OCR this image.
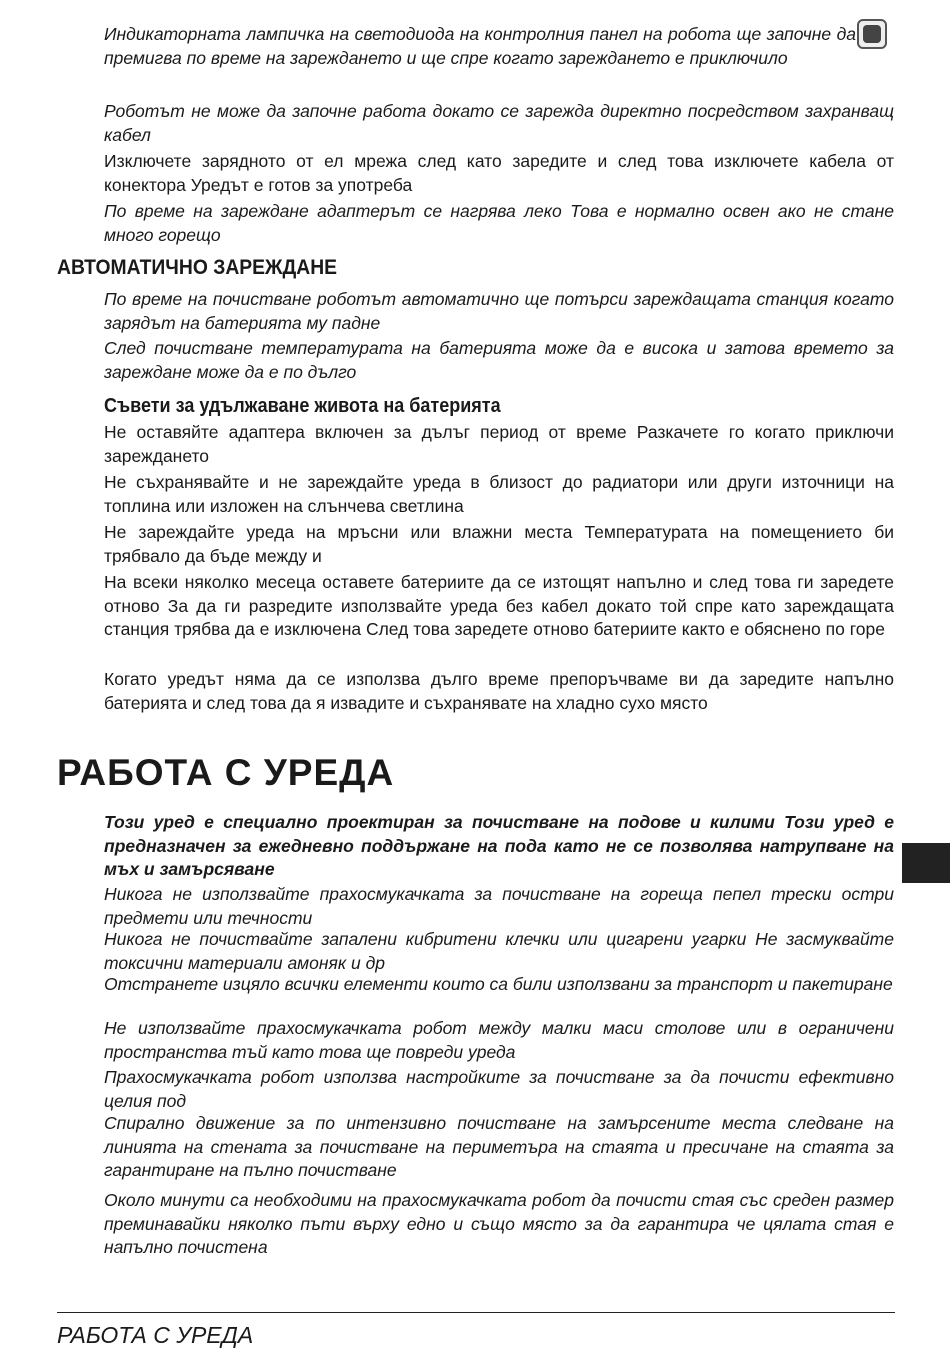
Индикаторната лампичка на светодиода на контролния панел на робота ще започне да премигва по време на зареждането и ще спре когато зареждането е приключило

Роботът не може да започне работа докато се зарежда директно посредством захранващ кабел

Изключете зарядното от ел мрежа след като заредите и след това изключете кабела от конектора Уредът е готов за употреба

По време на зареждане адаптерът се нагрява леко Това е нормално освен ако не стане много горещо

АВТОМАТИЧНО ЗАРЕЖДАНЕ

По време на почистване роботът автоматично ще потърси зареждащата станция когато зарядът на батерията му падне

След почистване температурата на батерията може да е висока и затова времето за зареждане може да е по дълго

Съвети за удължаване живота на батерията

Не оставяйте адаптера включен за дълъг период от време Разкачете го когато приключи зареждането

Не съхранявайте и не зареждайте уреда в близост до радиатори или други източници на топлина или изложен на слънчева светлина

Не зареждайте уреда на мръсни или влажни места Температурата на помещението би трябвало да бъде между и

На всеки няколко месеца оставете батериите да се изтощят напълно и след това ги заредете отново За да ги разредите използвайте уреда без кабел докато той спре като зареждащата станция трябва да е изключена След това заредете отново батериите както е обяснено по горе

Когато уредът няма да се използва дълго време препоръчваме ви да заредите напълно батерията и след това да я извадите и съхранявате на хладно сухо място

РАБОТА С УРЕДА

Този уред е специално проектиран за почистване на подове и килими Този уред е предназначен за ежедневно поддържане на пода като не се позволява натрупване на мъх и замърсяване

Никога не използвайте прахосмукачката за почистване на гореща пепел трески остри предмети или течности

Никога не почиствайте запалени кибритени клечки или цигарени угарки Не засмуквайте токсични материали амоняк и др

Отстранете изцяло всички елементи които са били използвани за транспорт и пакетиране

Не използвайте прахосмукачката робот между малки маси столове или в ограничени пространства тъй като това ще повреди уреда

Прахосмукачката робот използва настройките за почистване за да почисти ефективно целия под

Спирално движение за по интензивно почистване на замърсените места следване на линията на стената за почистване на периметъра на стаята и пресичане на стаята за гарантиране на пълно почистване

Около минути са необходими на прахосмукачката робот да почисти стая със среден размер преминавайки няколко пъти върху едно и също място за да гарантира че цялата стая е напълно почистена

РАБОТА С УРЕДА
